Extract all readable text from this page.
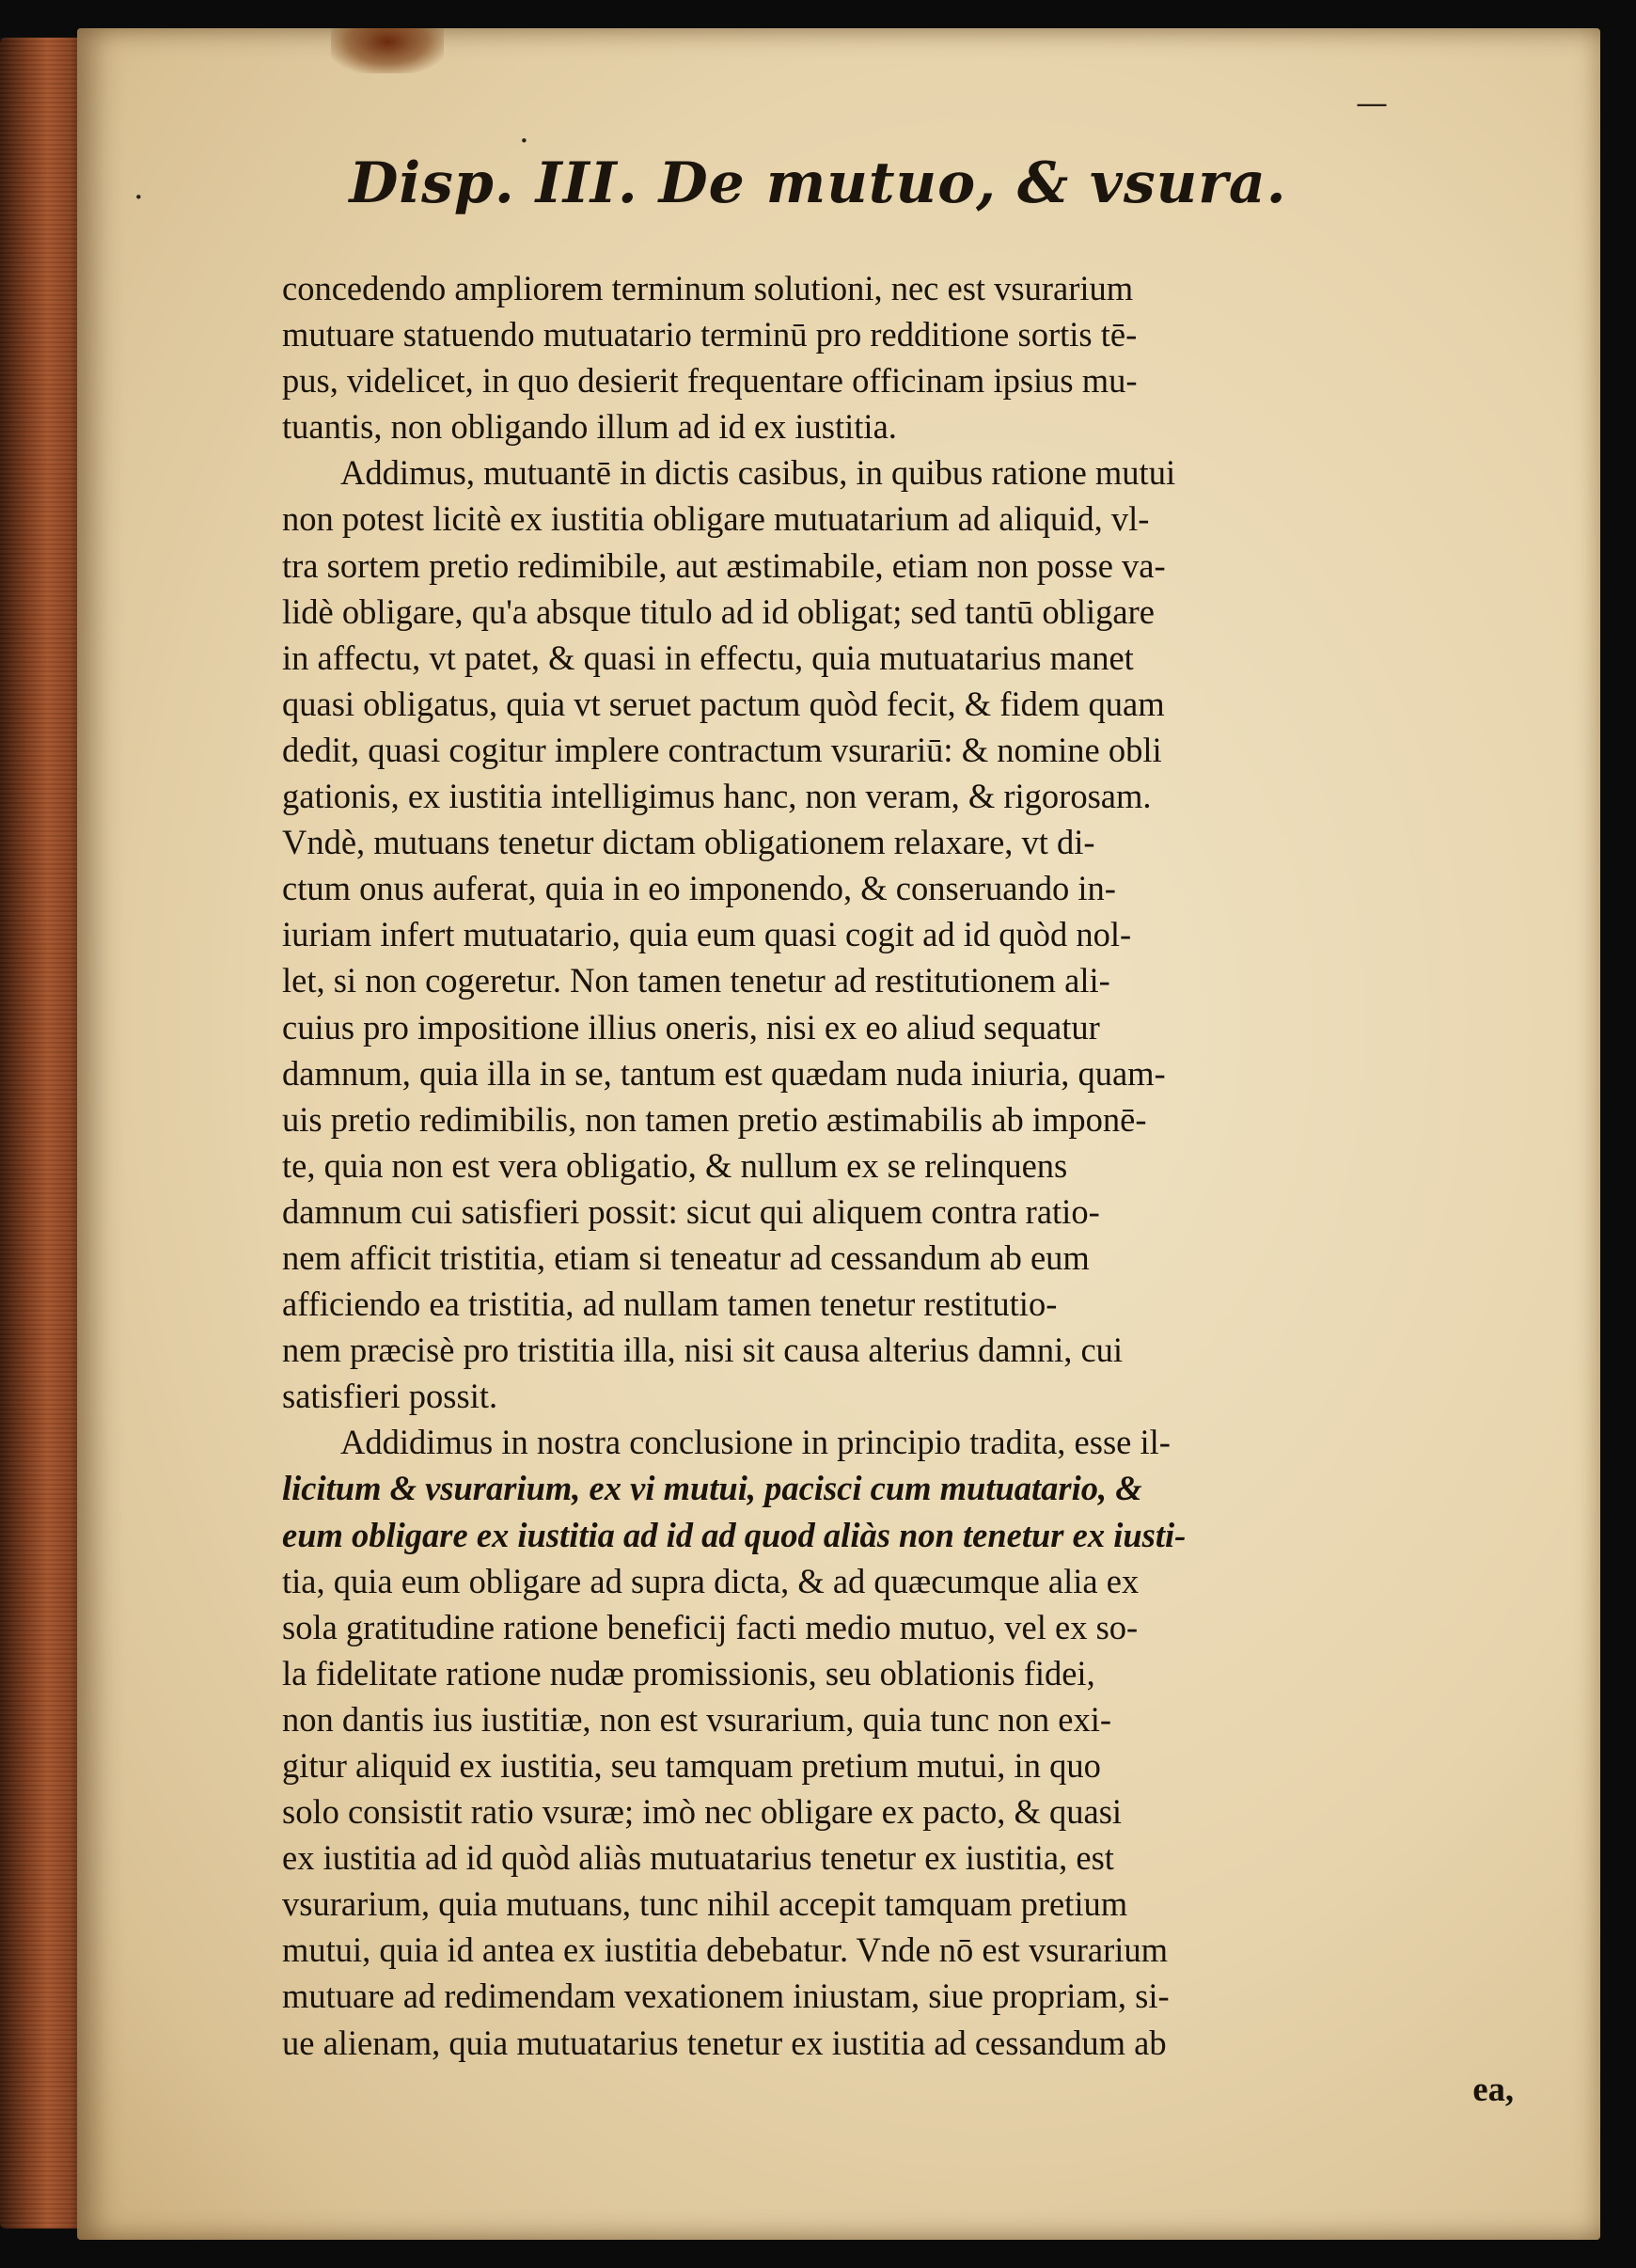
·
—
·	Disp. III. De mutuo, & vsura.
concedendo ampliorem terminum solutioni, nec est vsurarium
mutuare statuendo mutuatario terminū pro redditione sortis tē-
pus, videlicet, in quo desierit frequentare officinam ipsius mu-
tuantis, non obligando illum ad id ex iustitia.
Addimus, mutuantē in dictis casibus, in quibus ratione mutui
non potest licitè ex iustitia obligare mutuatarium ad aliquid, vl-
tra sortem pretio redimibile, aut æstimabile, etiam non posse va-
lidè obligare, qu'a absque titulo ad id obligat; sed tantū obligare
in affectu, vt patet, & quasi in effectu, quia mutuatarius manet
quasi obligatus, quia vt seruet pactum quòd fecit, & fidem quam
dedit, quasi cogitur implere contractum vsurariū: & nomine obli
gationis, ex iustitia intelligimus hanc, non veram, & rigorosam.
Vndè, mutuans tenetur dictam obligationem relaxare, vt di-
ctum onus auferat, quia in eo imponendo, & conseruando in-
iuriam infert mutuatario, quia eum quasi cogit ad id quòd nol-
let, si non cogeretur. Non tamen tenetur ad restitutionem ali-
cuius pro impositione illius oneris, nisi ex eo aliud sequatur
damnum, quia illa in se, tantum est quædam nuda iniuria, quam-
uis pretio redimibilis, non tamen pretio æstimabilis ab imponē-
te, quia non est vera obligatio, & nullum ex se relinquens
damnum cui satisfieri possit: sicut qui aliquem contra ratio-
nem afficit tristitia, etiam si teneatur ad cessandum ab eum
afficiendo ea tristitia, ad nullam tamen tenetur restitutio-
nem præcisè pro tristitia illa, nisi sit causa alterius damni, cui
satisfieri possit.
Addidimus in nostra conclusione in principio tradita, esse il-
licitum & vsurarium, ex vi mutui, pacisci cum mutuatario, &
eum obligare ex iustitia ad id ad quod aliàs non tenetur ex iusti-
tia, quia eum obligare ad supra dicta, & ad quæcumque alia ex
sola gratitudine ratione beneficij facti medio mutuo, vel ex so-
la fidelitate ratione nudæ promissionis, seu oblationis fidei,
non dantis ius iustitiæ, non est vsurarium, quia tunc non exi-
gitur aliquid ex iustitia, seu tamquam pretium mutui, in quo
solo consistit ratio vsuræ; imò nec obligare ex pacto, & quasi
ex iustitia ad id quòd aliàs mutuatarius tenetur ex iustitia, est
vsurarium, quia mutuans, tunc nihil accepit tamquam pretium
mutui, quia id antea ex iustitia debebatur. Vnde nō est vsurarium
mutuare ad redimendam vexationem iniustam, siue propriam, si-
ue alienam, quia mutuatarius tenetur ex iustitia ad cessandum ab
ea,
